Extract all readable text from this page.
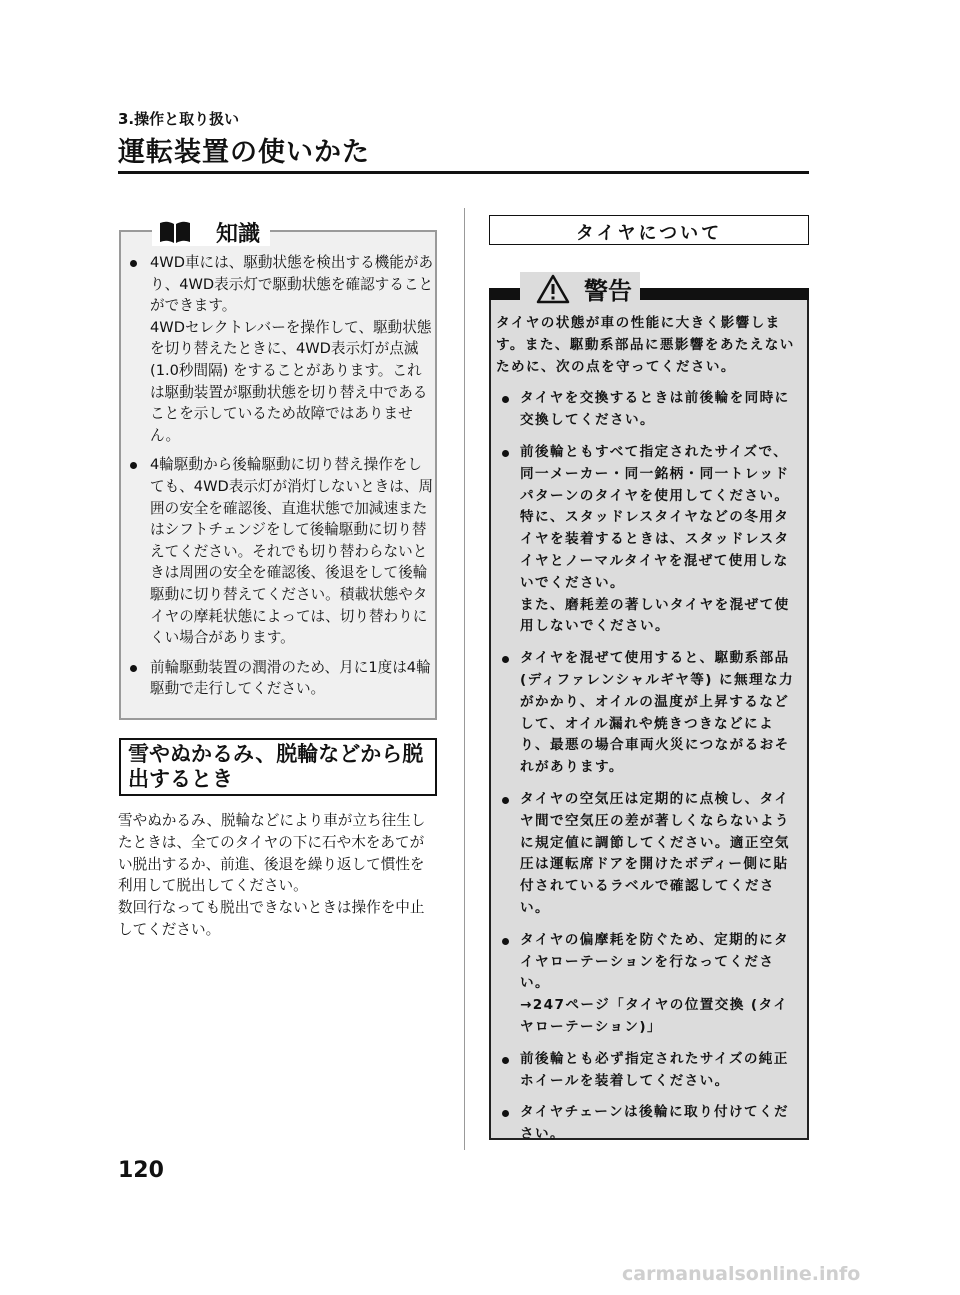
3.操作と取り扱い
運転装置の使いかた
知識

4WD車には、駆動状態を検出する機能があり、4WD表示灯で駆動状態を確認することができます。

4WDセレクトレバーを操作して、駆動状態を切り替えたときに、4WD表示灯が点滅 (1.0秒間隔) をすることがあります。これは駆動装置が駆動状態を切り替え中であることを示しているため故障ではありません。

4輪駆動から後輪駆動に切り替え操作をしても、4WD表示灯が消灯しないときは、周囲の安全を確認後、直進状態で加減速またはシフトチェンジをして後輪駆動に切り替えてください。それでも切り替わらないときは周囲の安全を確認後、後退をして後輪駆動に切り替えてください。積載状態やタイヤの摩耗状態によっては、切り替わりにくい場合があります。

前輪駆動装置の潤滑のため、月に1度は4輪駆動で走行してください。

雪やぬかるみ、脱輪などから脱出するとき

雪やぬかるみ、脱輪などにより車が立ち往生したときは、全てのタイヤの下に石や木をあてがい脱出するか、前進、後退を繰り返して慣性を利用して脱出してください。

数回行なっても脱出できないときは操作を中止してください。

タイヤについて
警告

タイヤの状態が車の性能に大きく影響します。また、駆動系部品に悪影響をあたえないために、次の点を守ってください。

タイヤを交換するときは前後輪を同時に交換してください。

前後輪ともすべて指定されたサイズで、同一メーカー・同一銘柄・同一トレッドパターンのタイヤを使用してください。

特に、スタッドレスタイヤなどの冬用タイヤを装着するときは、スタッドレスタイヤとノーマルタイヤを混ぜて使用しないでください。

また、磨耗差の著しいタイヤを混ぜて使用しないでください。

タイヤを混ぜて使用すると、駆動系部品 (ディファレンシャルギヤ等) に無理な力がかかり、オイルの温度が上昇するなどして、オイル漏れや焼きつきなどにより、最悪の場合車両火災につながるおそれがあります。

タイヤの空気圧は定期的に点検し、タイヤ間で空気圧の差が著しくならないように規定値に調節してください。適正空気圧は運転席ドアを開けたボディー側に貼付されているラベルで確認してください。

タイヤの偏摩耗を防ぐため、定期的にタイヤローテーションを行なってください。

→247ページ「タイヤの位置交換 (タイヤローテーション)」

前後輪とも必ず指定されたサイズの純正ホイールを装着してください。

タイヤチェーンは後輪に取り付けてください。

120
carmanualsonline.info
